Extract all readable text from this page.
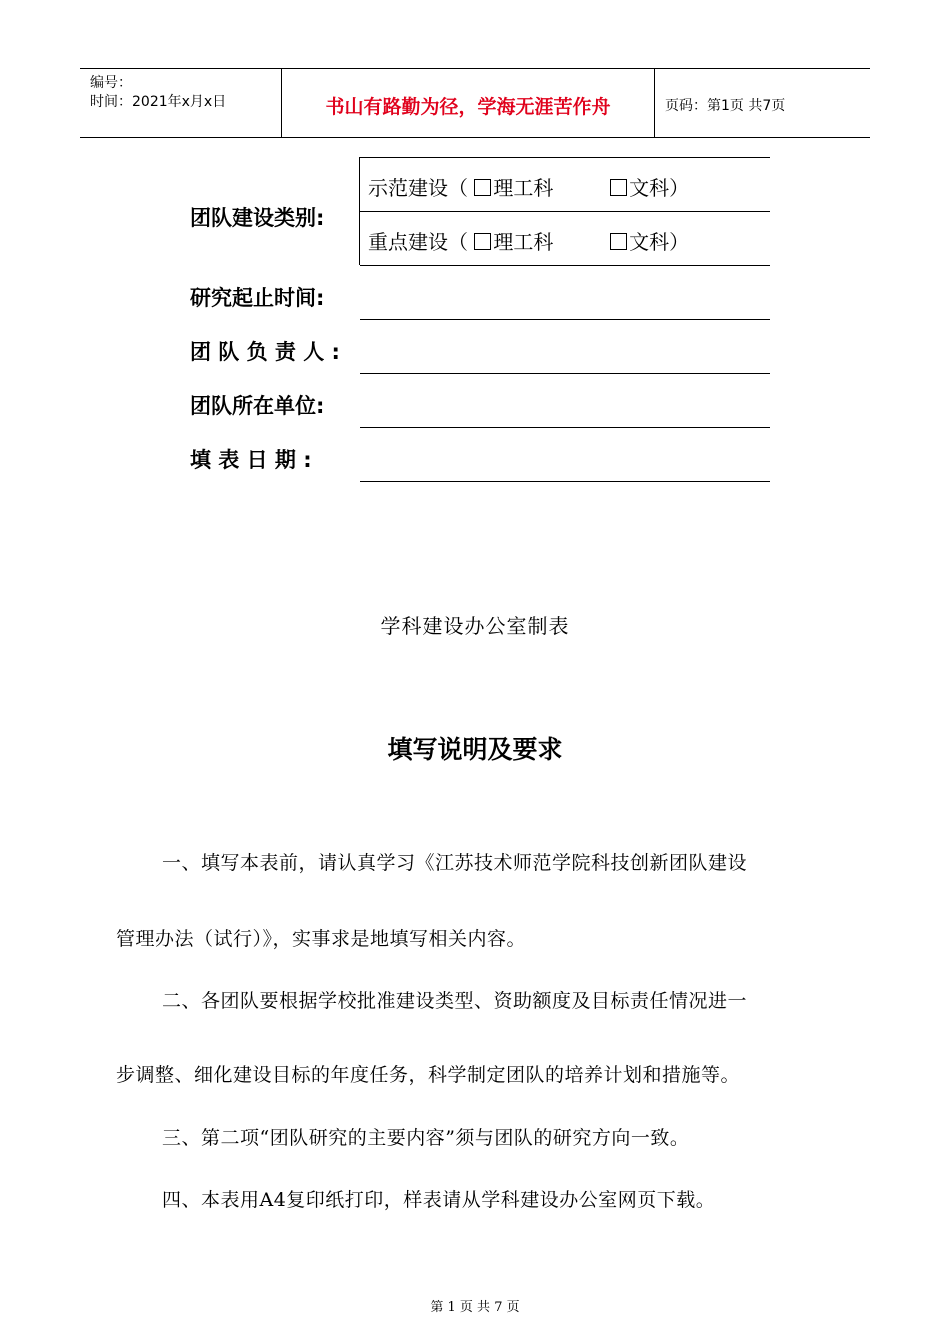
编号：
时间：2021年x月x日	书山有路勤为径，学海无涯苦作舟	页码：第1页 共7页
团队建设类别:
示范建设（ 理工科	文科）
重点建设（ 理工科	文科）
研究起止时间:
团 队 负 责 人 :
团队所在单位:
填 表 日 期 :
学科建设办公室制表
填写说明及要求
一、填写本表前，请认真学习《江苏技术师范学院科技创新团队建设
管理办法（试行）》，实事求是地填写相关内容。
二、各团队要根据学校批准建设类型、资助额度及目标责任情况进一
步调整、细化建设目标的年度任务，科学制定团队的培养计划和措施等。
三、第二项“团队研究的主要内容”须与团队的研究方向一致。
四、本表用A4复印纸打印，样表请从学科建设办公室网页下载。
第 1 页 共 7 页
